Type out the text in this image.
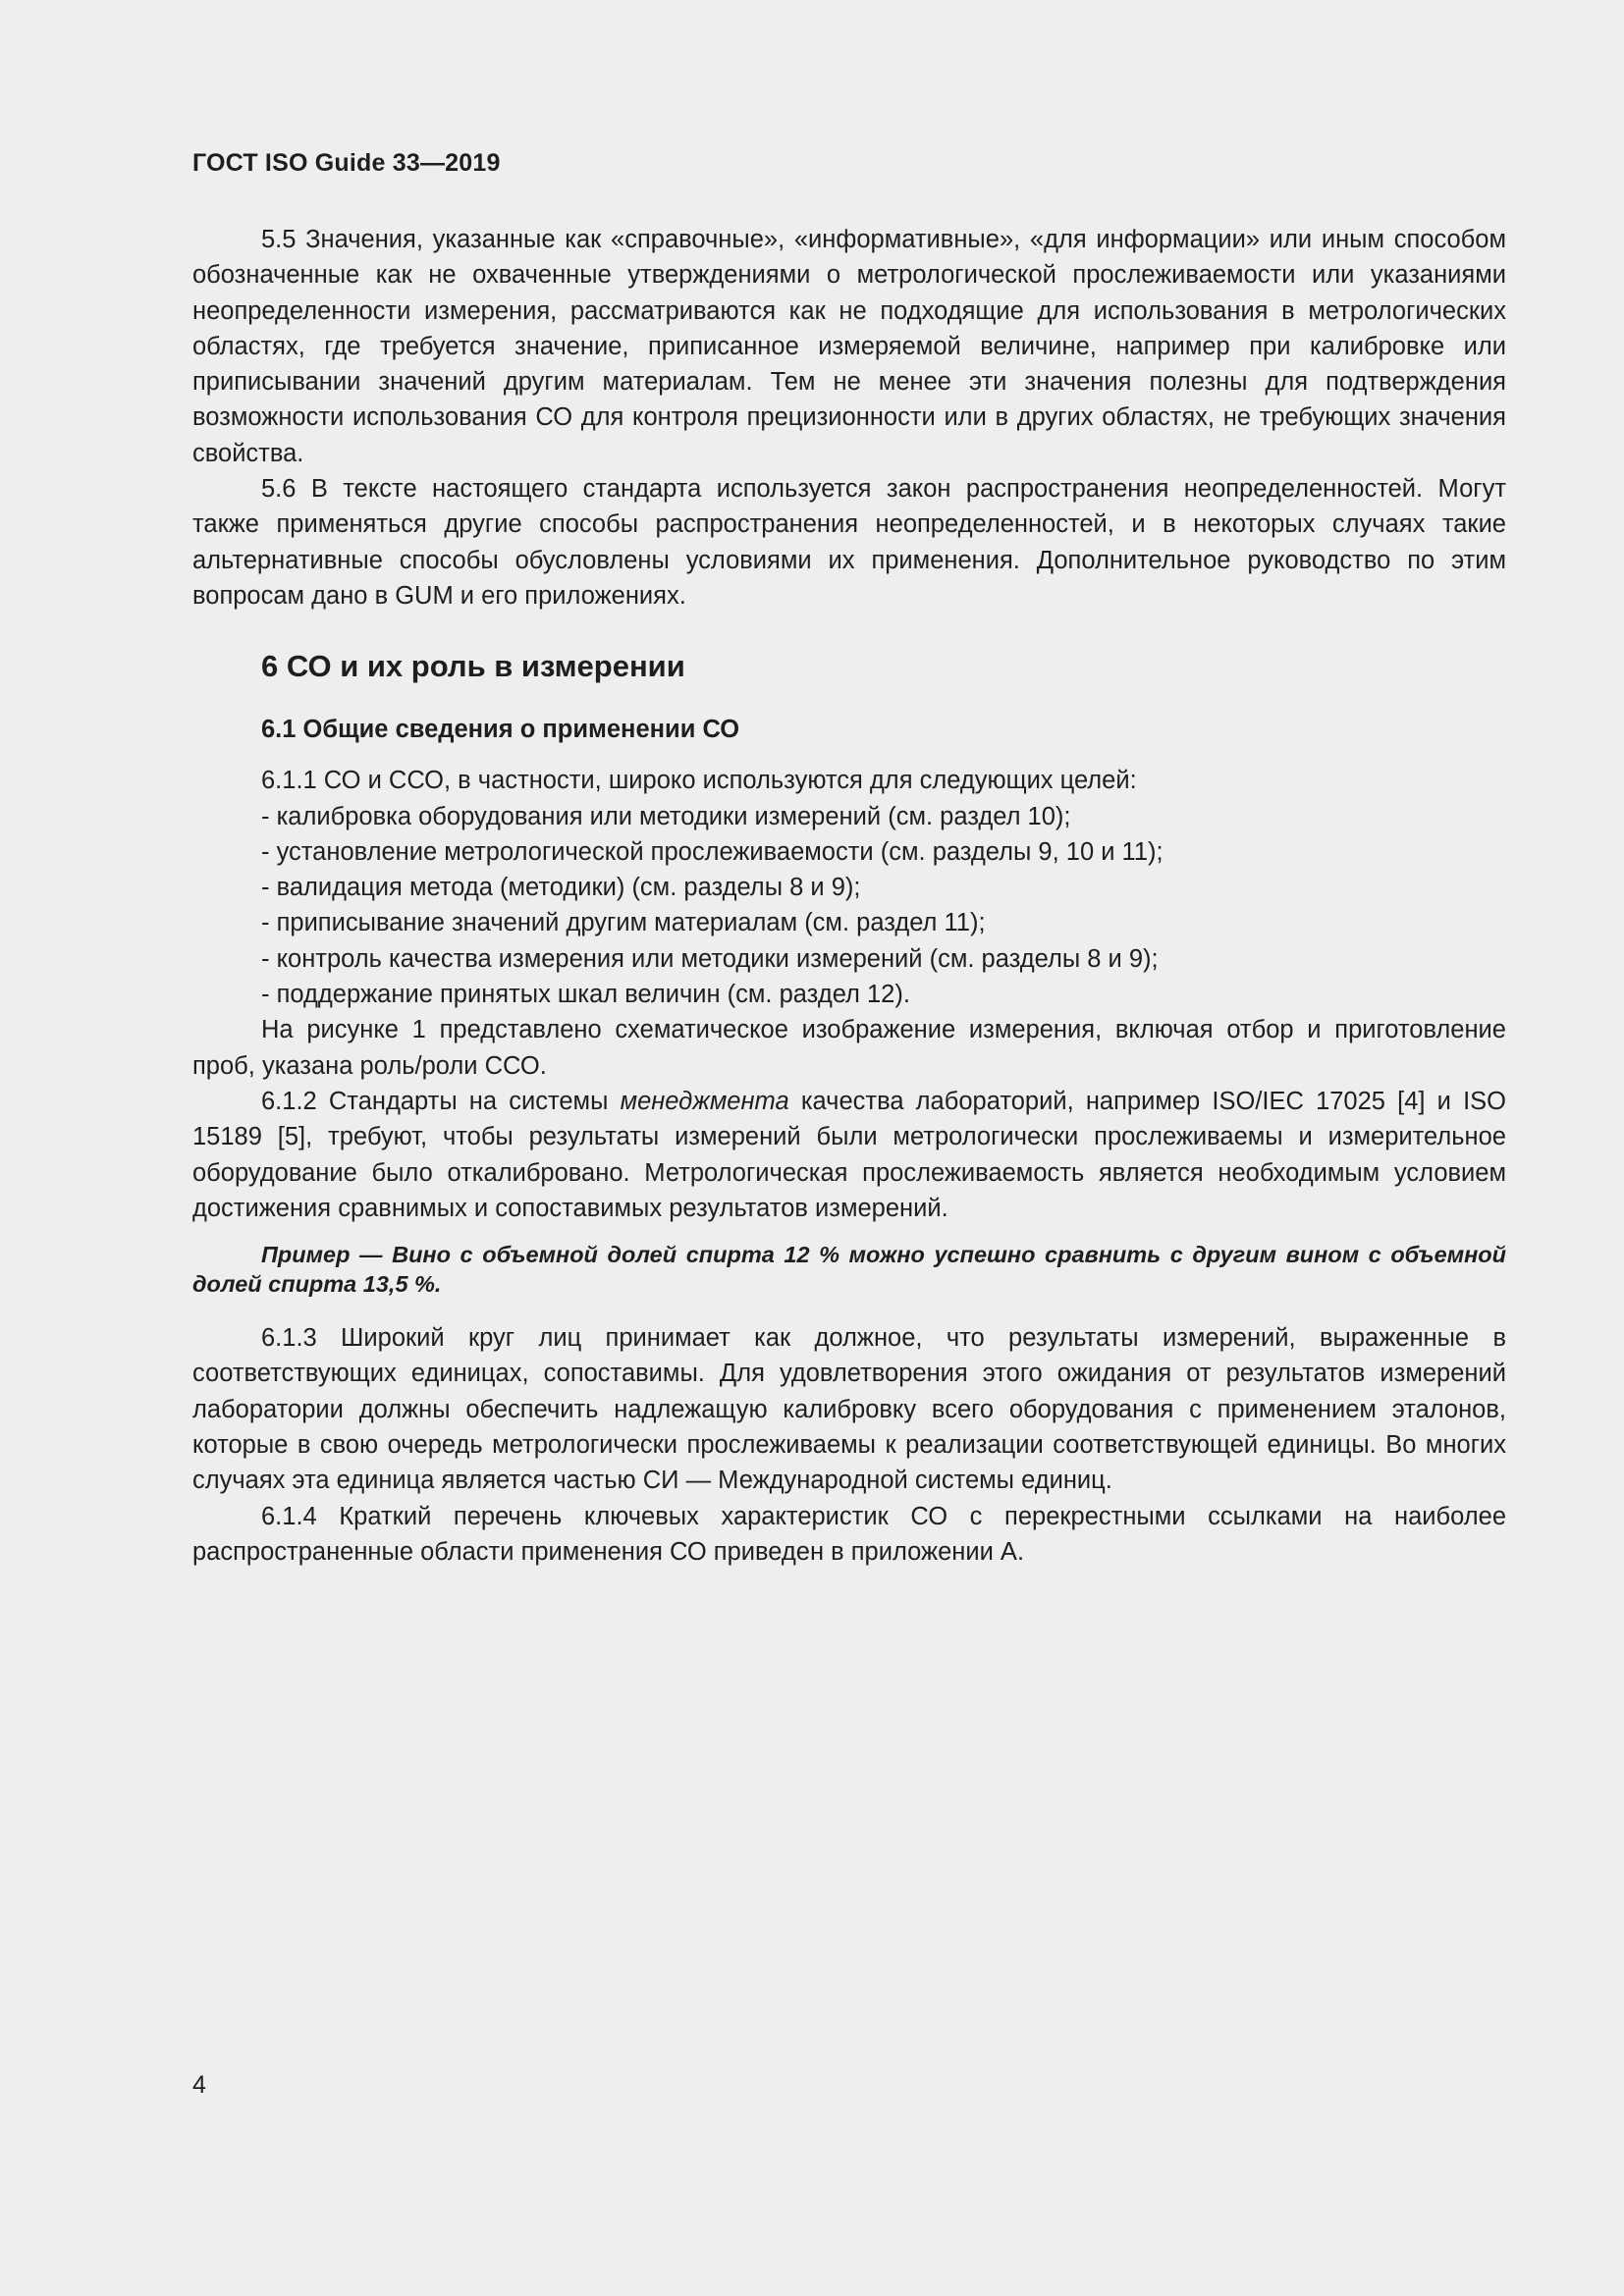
ГОСТ ISO Guide 33—2019

5.5 Значения, указанные как «справочные», «информативные», «для информации» или иным способом обозначенные как не охваченные утверждениями о метрологической прослеживаемости или указаниями неопределенности измерения, рассматриваются как не подходящие для использования в метрологических областях, где требуется значение, приписанное измеряемой величине, например при калибровке или приписывании значений другим материалам. Тем не менее эти значения полезны для подтверждения возможности использования СО для контроля прецизионности или в других областях, не требующих значения свойства.

5.6 В тексте настоящего стандарта используется закон распространения неопределенностей. Могут также применяться другие способы распространения неопределенностей, и в некоторых случаях такие альтернативные способы обусловлены условиями их применения. Дополнительное руководство по этим вопросам дано в GUM и его приложениях.

6 СО и их роль в измерении
6.1 Общие сведения о применении СО

6.1.1 СО и ССО, в частности, широко используются для следующих целей:

- калибровка оборудования или методики измерений (см. раздел 10);
- установление метрологической прослеживаемости (см. разделы 9, 10 и 11);
- валидация метода (методики) (см. разделы 8 и 9);
- приписывание значений другим материалам (см. раздел 11);
- контроль качества измерения или методики измерений (см. разделы 8 и 9);
- поддержание принятых шкал величин (см. раздел 12).

На рисунке 1 представлено схематическое изображение измерения, включая отбор и приготовление проб, указана роль/роли ССО.

6.1.2 Стандарты на системы менеджмента качества лабораторий, например ISO/IEC 17025 [4] и ISO 15189 [5], требуют, чтобы результаты измерений были метрологически прослеживаемы и измерительное оборудование было откалибровано. Метрологическая прослеживаемость является необходимым условием достижения сравнимых и сопоставимых результатов измерений.

Пример — Вино с объемной долей спирта 12 % можно успешно сравнить с другим вином с объемной долей спирта 13,5 %.

6.1.3 Широкий круг лиц принимает как должное, что результаты измерений, выраженные в соответствующих единицах, сопоставимы. Для удовлетворения этого ожидания от результатов измерений лаборатории должны обеспечить надлежащую калибровку всего оборудования с применением эталонов, которые в свою очередь метрологически прослеживаемы к реализации соответствующей единицы. Во многих случаях эта единица является частью СИ — Международной системы единиц.

6.1.4 Краткий перечень ключевых характеристик СО с перекрестными ссылками на наиболее распространенные области применения СО приведен в приложении А.

4
